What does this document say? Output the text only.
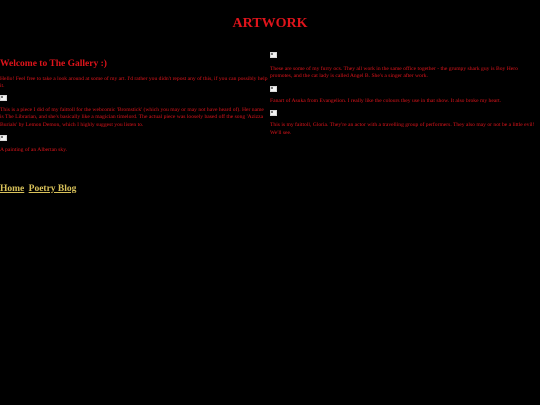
ARTWORK

Welcome to The Gallery :)

Hello! Feel free to take a look around at some of my art. I'd rather you didn't repost any of this, if you can possibly help it.

This is a piece I did of my faittoll for the webcomic 'Bromstick' (which you may or may not have heard of). Her name is The Librarian, and she's basically like a magician timelord. The actual piece was loosely based off the song 'Azizza Burials' by Lemon Demon, which I highly suggest you listen to.

A painting of an Albertan sky.

These are some of my furry ocs. They all work in the same office together - the grumpy shark guy is Boy Hero promotes, and the cat lady is called Angel B. She's a singer after work.

Fanart of Asuka from Evangelion. I really like the colours they use in that show. It also broke my heart.

This is my faittoll, Gloria. They're an actor with a travelling group of performers. They also may or not be a little evil! We'll see.

Home Poetry Blog
